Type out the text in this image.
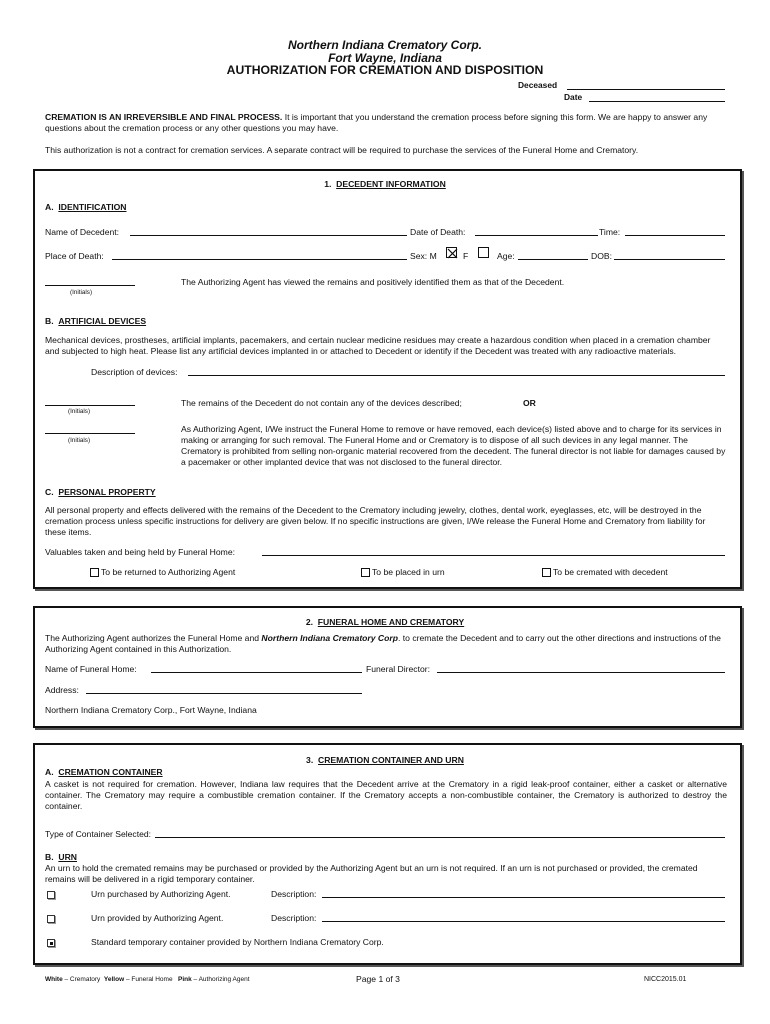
Northern Indiana Crematory Corp.
Fort Wayne, Indiana
AUTHORIZATION FOR CREMATION AND DISPOSITION
Deceased
Date
CREMATION IS AN IRREVERSIBLE AND FINAL PROCESS. It is important that you understand the cremation process before signing this form. We are happy to answer any questions about the cremation process or any other questions you may have.
This authorization is not a contract for cremation services. A separate contract will be required to purchase the services of the Funeral Home and Crematory.
1. DECEDENT INFORMATION
A. IDENTIFICATION
Name of Decedent:	Date of Death:	Time:
Place of Death:	Sex: M	F	Age:	DOB:
(Initials)
The Authorizing Agent has viewed the remains and positively identified them as that of the Decedent.
B. ARTIFICIAL DEVICES
Mechanical devices, prostheses, artificial implants, pacemakers, and certain nuclear medicine residues may create a hazardous condition when placed in a cremation chamber and subjected to high heat. Please list any artificial devices implanted in or attached to Decedent or identify if the Decedent was treated with any radioactive materials.
Description of devices:
(Initials)
The remains of the Decedent do not contain any of the devices described;	OR
(Initials)
As Authorizing Agent, I/We instruct the Funeral Home to remove or have removed, each device(s) listed above and to charge for its services in making or arranging for such removal. The Funeral Home and or Crematory is to dispose of all such devices in any legal manner. The Crematory is prohibited from selling non-organic material recovered from the decedent. The funeral director is not liable for damages caused by a pacemaker or other implanted device that was not disclosed to the funeral director.
C. PERSONAL PROPERTY
All personal property and effects delivered with the remains of the Decedent to the Crematory including jewelry, clothes, dental work, eyeglasses, etc, will be destroyed in the cremation process unless specific instructions for delivery are given below. If no specific instructions are given, I/We release the Funeral Home and Crematory from liability for these items.
Valuables taken and being held by Funeral Home:
To be returned to Authorizing Agent	To be placed in urn	To be cremated with decedent
2. FUNERAL HOME AND CREMATORY
The Authorizing Agent authorizes the Funeral Home and Northern Indiana Crematory Corp. to cremate the Decedent and to carry out the other directions and instructions of the Authorizing Agent contained in this Authorization.
Name of Funeral Home:	Funeral Director:
Address:
Northern Indiana Crematory Corp., Fort Wayne, Indiana
3. CREMATION CONTAINER AND URN
A. CREMATION CONTAINER
A casket is not required for cremation. However, Indiana law requires that the Decedent arrive at the Crematory in a rigid leak-proof container, either a casket or alternative container. The Crematory may require a combustible cremation container. If the Crematory accepts a non-combustible container, the Crematory is authorized to destroy the container.
Type of Container Selected:
B. URN
An urn to hold the cremated remains may be purchased or provided by the Authorizing Agent but an urn is not required. If an urn is not purchased or provided, the cremated remains will be delivered in a rigid temporary container.
Urn purchased by Authorizing Agent.	Description:
Urn provided by Authorizing Agent.	Description:
Standard temporary container provided by Northern Indiana Crematory Corp.
White – Crematory Yellow – Funeral Home Pink – Authorizing Agent	Page 1 of 3	NICC2015.01
